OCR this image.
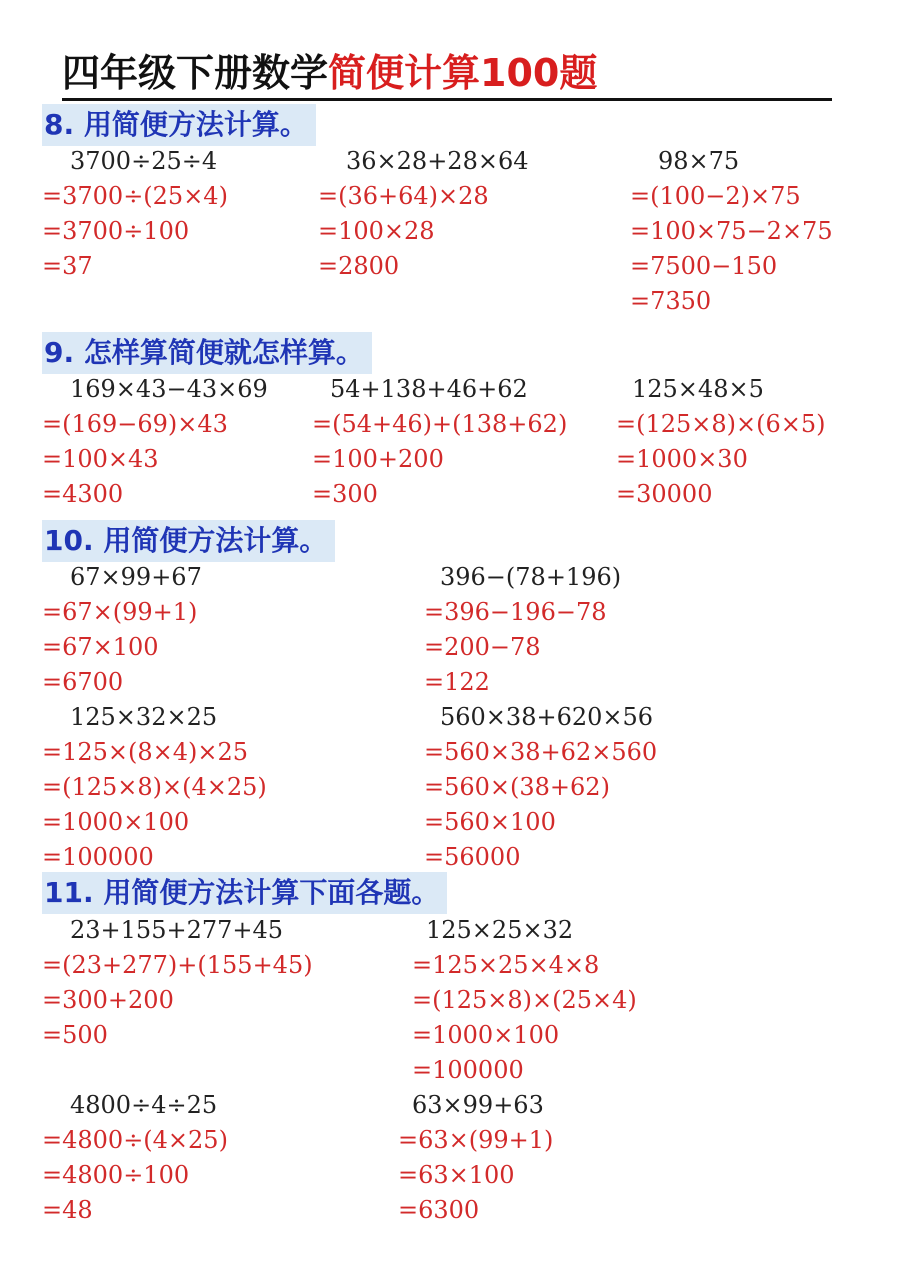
四年级下册数学简便计算100题
8. 用简便方法计算。
3700÷25÷4
=3700÷(25×4)
=3700÷100
=37
36×28+28×64
=(36+64)×28
=100×28
=2800
98×75
=(100−2)×75
=100×75−2×75
=7500−150
=7350
9. 怎样算简便就怎样算。
169×43−43×69
=(169−69)×43
=100×43
=4300
54+138+46+62
=(54+46)+(138+62)
=100+200
=300
125×48×5
=(125×8)×(6×5)
=1000×30
=30000
10. 用简便方法计算。
67×99+67
=67×(99+1)
=67×100
=6700
396−(78+196)
=396−196−78
=200−78
=122
125×32×25
=125×(8×4)×25
=(125×8)×(4×25)
=1000×100
=100000
560×38+620×56
=560×38+62×560
=560×(38+62)
=560×100
=56000
11. 用简便方法计算下面各题。
23+155+277+45
=(23+277)+(155+45)
=300+200
=500
125×25×32
=125×25×4×8
=(125×8)×(25×4)
=1000×100
=100000
4800÷4÷25
=4800÷(4×25)
=4800÷100
=48
63×99+63
=63×(99+1)
=63×100
=6300
